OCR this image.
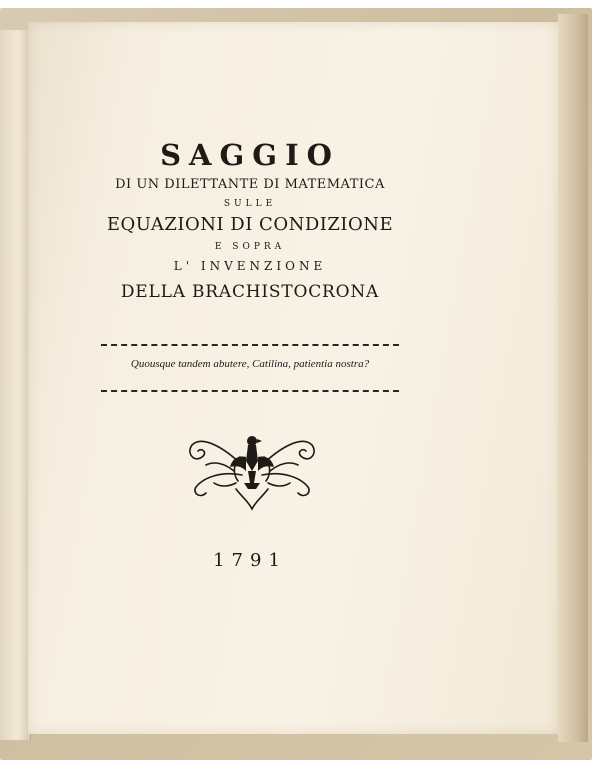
SAGGIO
DI UN DILETTANTE DI MATEMATICA
SULLE
EQUAZIONI DI CONDIZIONE
E SOPRA
L' INVENZIONE
DELLA BRACHISTOCRONA
Quousque tandem abutere, Catilina, patientia nostra?
1791
